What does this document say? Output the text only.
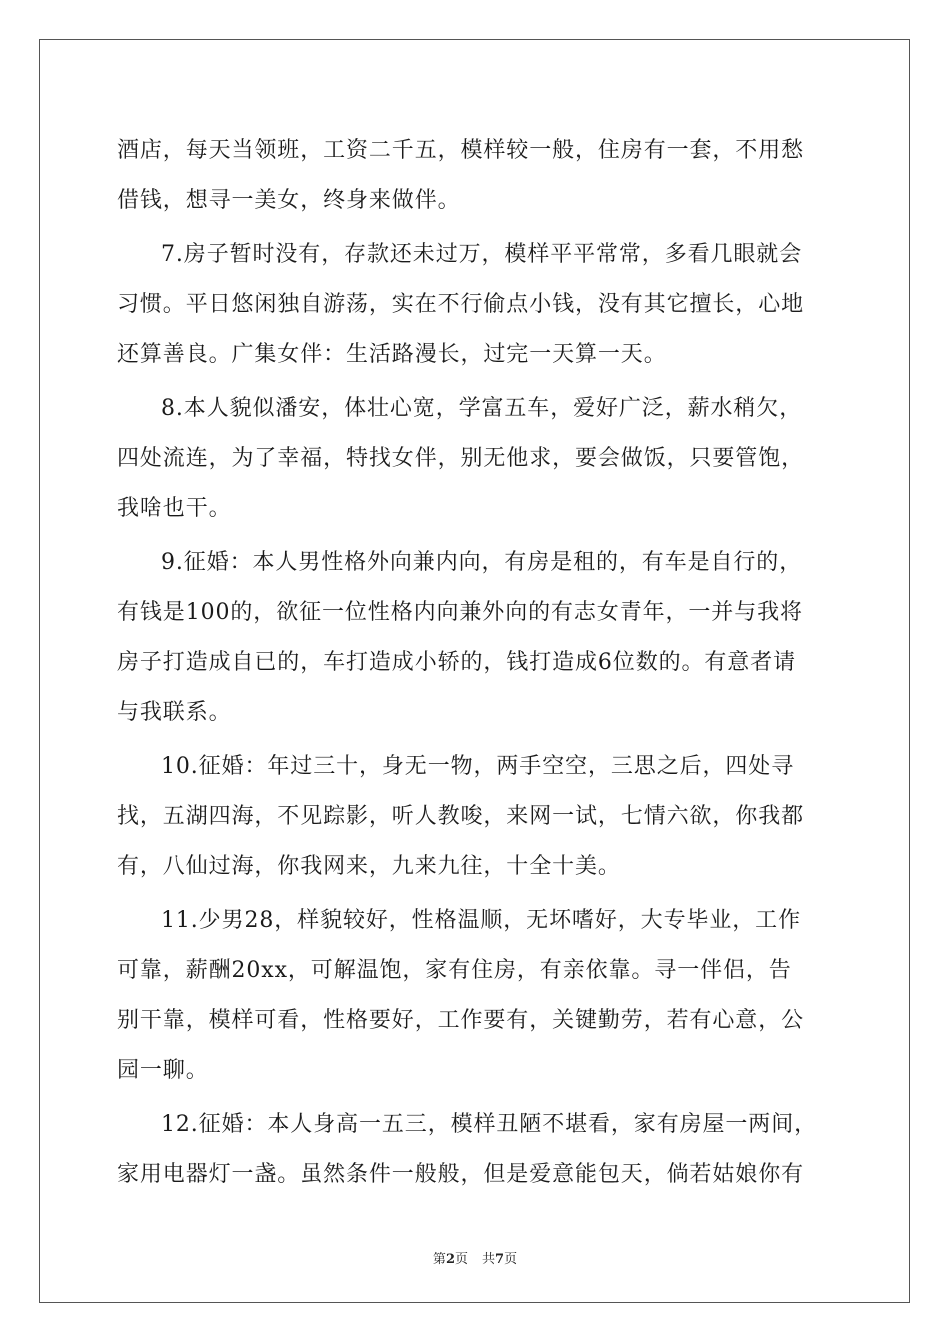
酒店，每天当领班，工资二千五，模样较一般，住房有一套，不用愁
借钱，想寻一美女，终身来做伴。

7.房子暂时没有，存款还未过万，模样平平常常，多看几眼就会
习惯。平日悠闲独自游荡，实在不行偷点小钱，没有其它擅长，心地
还算善良。广集女伴：生活路漫长，过完一天算一天。

8.本人貌似潘安，体壮心宽，学富五车，爱好广泛，薪水稍欠，
四处流连，为了幸福，特找女伴，别无他求，要会做饭，只要管饱，
我啥也干。

9.征婚：本人男性格外向兼内向，有房是租的，有车是自行的，
有钱是100的，欲征一位性格内向兼外向的有志女青年，一并与我将
房子打造成自已的，车打造成小轿的，钱打造成6位数的。有意者请
与我联系。

10.征婚：年过三十，身无一物，两手空空，三思之后，四处寻
找，五湖四海，不见踪影，听人教唆，来网一试，七情六欲，你我都
有，八仙过海，你我网来，九来九往，十全十美。

11.少男28，样貌较好，性格温顺，无坏嗜好，大专毕业，工作
可靠，薪酬20xx，可解温饱，家有住房，有亲依靠。寻一伴侣，告
别干靠，模样可看，性格要好，工作要有，关键勤劳，若有心意，公
园一聊。

12.征婚：本人身高一五三，模样丑陋不堪看，家有房屋一两间，
家用电器灯一盏。虽然条件一般般，但是爱意能包天，倘若姑娘你有

第2页 共7页
